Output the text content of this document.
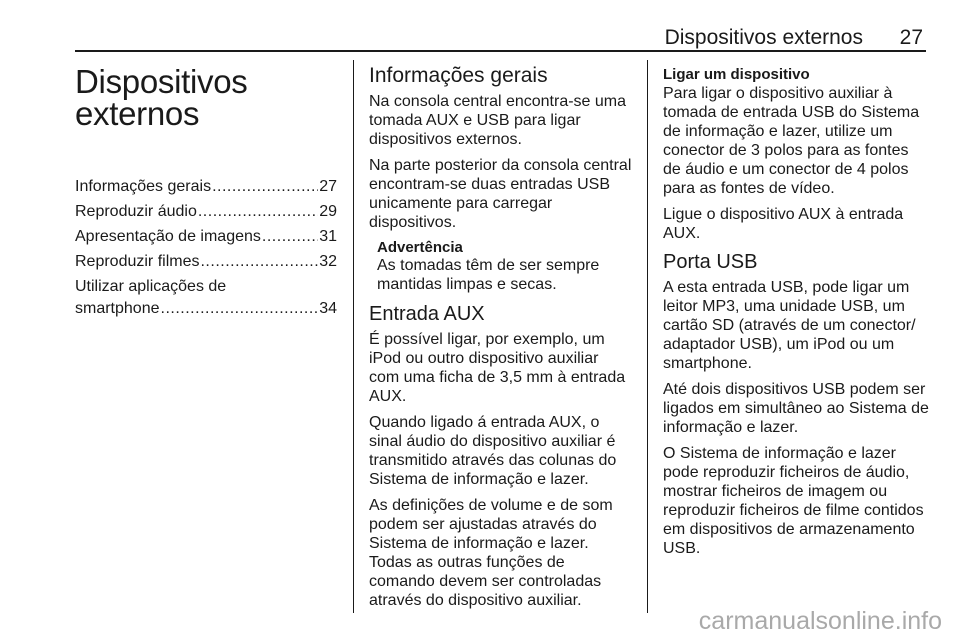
Dispositivos externos	27
Dispositivos
externos
Informações gerais .....	27
Reproduzir áudio .....	29
Apresentação de imagens .....	31
Reproduzir filmes .....	32
Utilizar aplicações de
smartphone .....	34
Informações gerais

Na consola central encontra-se uma tomada AUX e USB para ligar dispositivos externos.

Na parte posterior da consola central encontram-se duas entradas USB unicamente para carregar dispositivos.

Advertência

As tomadas têm de ser sempre mantidas limpas e secas.

Entrada AUX

É possível ligar, por exemplo, um iPod ou outro dispositivo auxiliar com uma ficha de 3,5 mm à entrada AUX.

Quando ligado á entrada AUX, o sinal áudio do dispositivo auxiliar é transmitido através das colunas do Sistema de informação e lazer.

As definições de volume e de som podem ser ajustadas através do Sistema de informação e lazer. Todas as outras funções de comando devem ser controladas através do dispositivo auxiliar.

Ligar um dispositivo

Para ligar o dispositivo auxiliar à tomada de entrada USB do Sistema de informação e lazer, utilize um conector de 3 polos para as fontes de áudio e um conector de 4 polos para as fontes de vídeo.

Ligue o dispositivo AUX à entrada AUX.

Porta USB

A esta entrada USB, pode ligar um leitor MP3, uma unidade USB, um cartão SD (através de um conector/ adaptador USB), um iPod ou um smartphone.

Até dois dispositivos USB podem ser ligados em simultâneo ao Sistema de informação e lazer.

O Sistema de informação e lazer pode reproduzir ficheiros de áudio, mostrar ficheiros de imagem ou reproduzir ficheiros de filme contidos em dispositivos de armazenamento USB.

carmanualsonline.info
